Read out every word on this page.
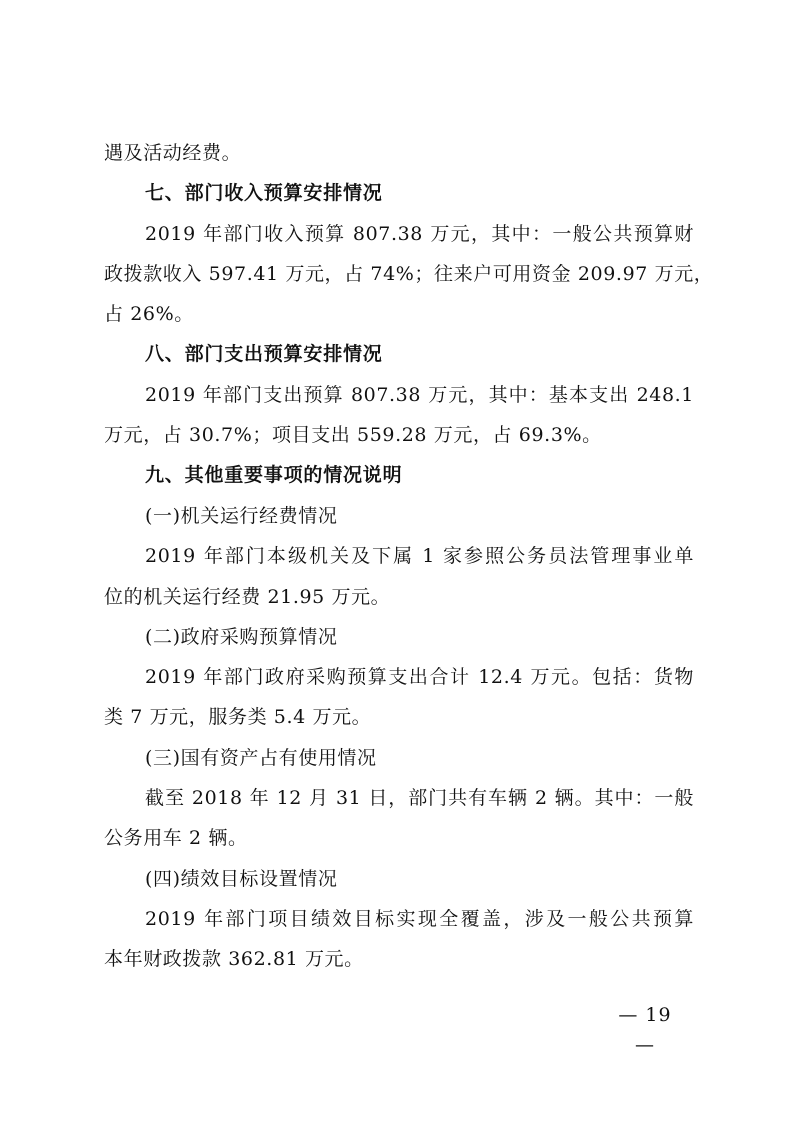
遇及活动经费。
七、部门收入预算安排情况
2019 年部门收入预算 807.38 万元，其中：一般公共预算财
政拨款收入 597.41 万元，占 74%；往来户可用资金 209.97 万元，
占 26%。
八、部门支出预算安排情况
2019 年部门支出预算 807.38 万元，其中：基本支出 248.1
万元，占 30.7%；项目支出 559.28 万元，占 69.3%。
九、其他重要事项的情况说明
(一)机关运行经费情况
2019 年部门本级机关及下属 1 家参照公务员法管理事业单
位的机关运行经费 21.95 万元。
(二)政府采购预算情况
2019 年部门政府采购预算支出合计 12.4 万元。包括：货物
类 7 万元，服务类 5.4 万元。
(三)国有资产占有使用情况
截至 2018 年 12 月 31 日，部门共有车辆 2 辆。其中：一般
公务用车 2 辆。
(四)绩效目标设置情况
2019 年部门项目绩效目标实现全覆盖，涉及一般公共预算
本年财政拨款 362.81 万元。
— 19 —
